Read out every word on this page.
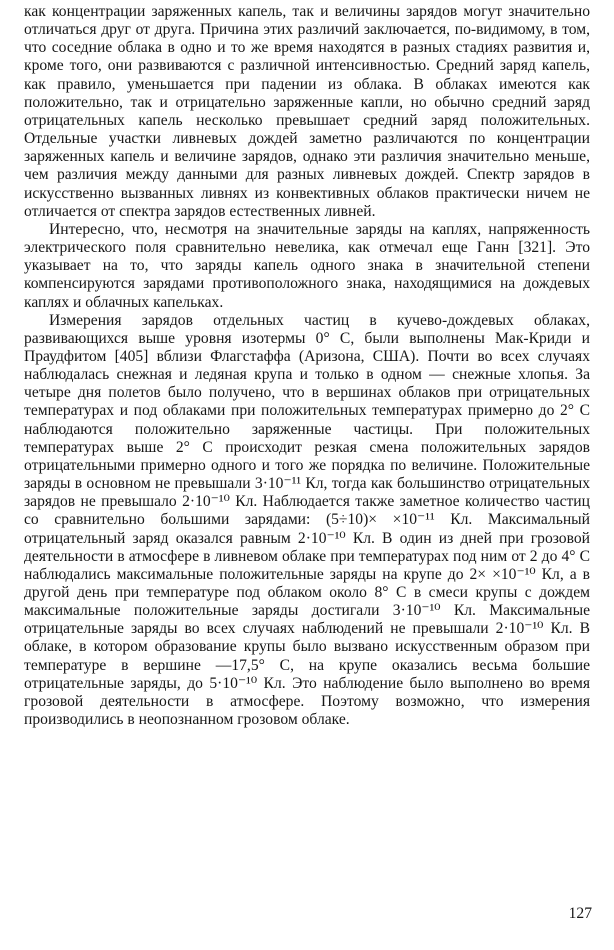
как концентрации заряженных капель, так и величины зарядов могут значительно отличаться друг от друга. Причина этих различий заключается, по-видимому, в том, что соседние облака в одно и то же время находятся в разных стадиях развития и, кроме того, они развиваются с различной интенсивностью. Средний заряд капель, как правило, уменьшается при падении из облака. В облаках имеются как положительно, так и отрицательно заряженные капли, но обычно средний заряд отрицательных капель несколько превышает средний заряд положительных. Отдельные участки ливневых дождей заметно различаются по концентрации заряженных капель и величине зарядов, однако эти различия значительно меньше, чем различия между данными для разных ливневых дождей. Спектр зарядов в искусственно вызванных ливнях из конвективных облаков практически ничем не отличается от спектра зарядов естественных ливней.

Интересно, что, несмотря на значительные заряды на каплях, напряженность электрического поля сравнительно невелика, как отмечал еще Ганн [321]. Это указывает на то, что заряды капель одного знака в значительной степени компенсируются зарядами противоположного знака, находящимися на дождевых каплях и облачных капельках.

Измерения зарядов отдельных частиц в кучево-дождевых облаках, развивающихся выше уровня изотермы 0° С, были выполнены Мак-Криди и Праудфитом [405] вблизи Флагстаффа (Аризона, США). Почти во всех случаях наблюдалась снежная и ледяная крупа и только в одном — снежные хлопья. За четыре дня полетов было получено, что в вершинах облаков при отрицательных температурах и под облаками при положительных температурах примерно до 2° С наблюдаются положительно заряженные частицы. При положительных температурах выше 2° С происходит резкая смена положительных зарядов отрицательными примерно одного и того же порядка по величине. Положительные заряды в основном не превышали 3·10⁻¹¹ Кл, тогда как большинство отрицательных зарядов не превышало 2·10⁻¹⁰ Кл. Наблюдается также заметное количество частиц со сравнительно большими зарядами: (5÷10)× ×10⁻¹¹ Кл. Максимальный отрицательный заряд оказался равным 2·10⁻¹⁰ Кл. В один из дней при грозовой деятельности в атмосфере в ливневом облаке при температурах под ним от 2 до 4° С наблюдались максимальные положительные заряды на крупе до 2× ×10⁻¹⁰ Кл, а в другой день при температуре под облаком около 8° С в смеси крупы с дождем максимальные положительные заряды достигали 3·10⁻¹⁰ Кл. Максимальные отрицательные заряды во всех случаях наблюдений не превышали 2·10⁻¹⁰ Кл. В облаке, в котором образование крупы было вызвано искусственным образом при температуре в вершине —17,5° С, на крупе оказались весьма большие отрицательные заряды, до 5·10⁻¹⁰ Кл. Это наблюдение было выполнено во время грозовой деятельности в атмосфере. Поэтому возможно, что измерения производились в неопознанном грозовом облаке.

127
